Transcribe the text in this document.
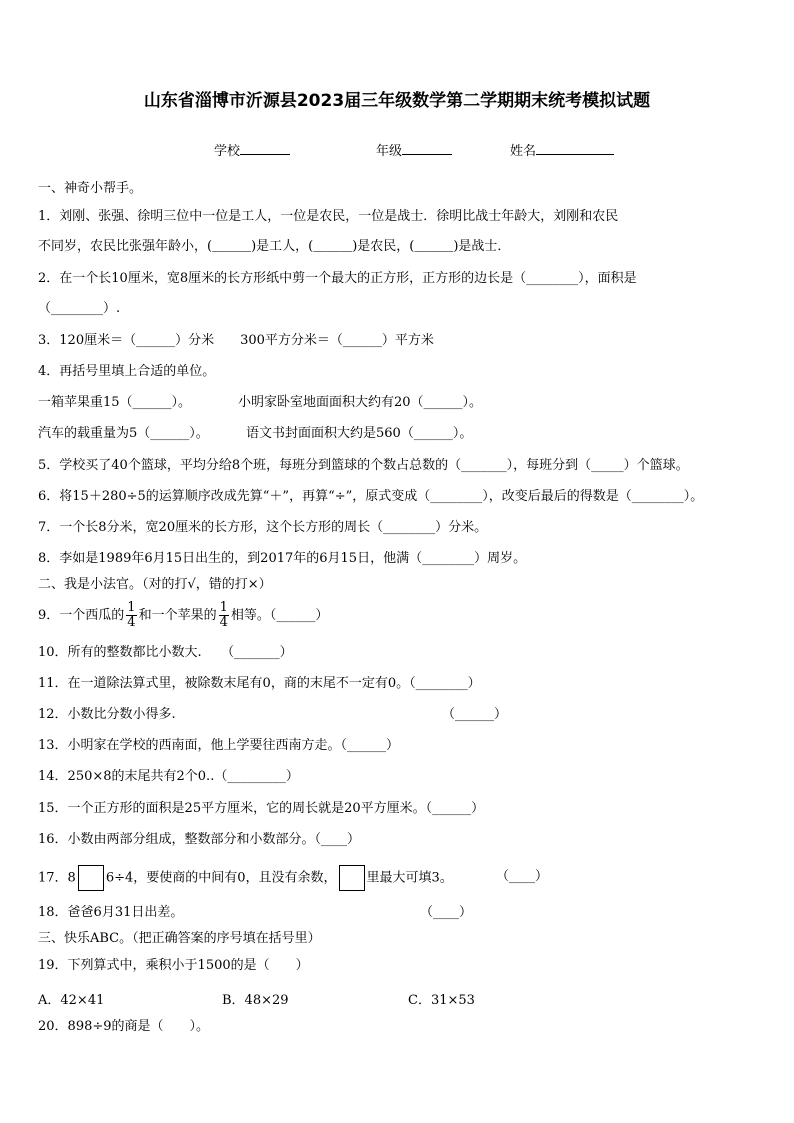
山东省淄博市沂源县2023届三年级数学第二学期期末统考模拟试题
学校	年级	姓名
一、神奇小帮手。
1．刘刚、张强、徐明三位中一位是工人，一位是农民，一位是战士．徐明比战士年龄大，刘刚和农民
不同岁，农民比张强年龄小，(＿＿＿)是工人，(＿＿＿)是农民，(＿＿＿)是战士．
2．在一个长10厘米，宽8厘米的长方形纸中剪一个最大的正方形，正方形的边长是（________），面积是
（________）.
3．120厘米＝（______）分米　　300平方分米＝（______）平方米
4．再括号里填上合适的单位。
一箱苹果重15（______）。	小明家卧室地面面积大约有20（______）。
汽车的载重量为5（______）。	语文书封面面积大约是560（______）。
5．学校买了40个篮球，平均分给8个班，每班分到篮球的个数占总数的（_______），每班分到（_____）个篮球。
6．将15＋280÷5的运算顺序改成先算“＋”，再算“÷”，原式变成（________），改变后最后的得数是（________）。
7．一个长8分米，宽20厘米的长方形，这个长方形的周长（________）分米。
8．李如是1989年6月15日出生的，到2017年的6月15日，他满（________）周岁。
二、我是小法官。（对的打√，错的打×）
9．一个西瓜的 $\frac{1}{4}$ 和一个苹果的 $\frac{1}{4}$ 相等。（______）
10．所有的整数都比小数大.　　（_______）
11．在一道除法算式里，被除数末尾有0，商的末尾不一定有0。（________）
12．小数比分数小得多.	（______）
13．小明家在学校的西南面，他上学要往西南方走。（______）
14．250×8的末尾共有2个0..（_________）
15．一个正方形的面积是25平方厘米，它的周长就是20平方厘米。（______）
16．小数由两部分组成，整数部分和小数部分。（____）
17．8 6÷4，要使商的中间有0，且没有余数， 里最大可填3。	（____）
18．爸爸6月31日出差。	（____）
三、快乐ABC。（把正确答案的序号填在括号里）
19．下列算式中，乘积小于1500的是（　　）
A．42×41	B．48×29	C．31×53
20．898÷9的商是（　　）。
